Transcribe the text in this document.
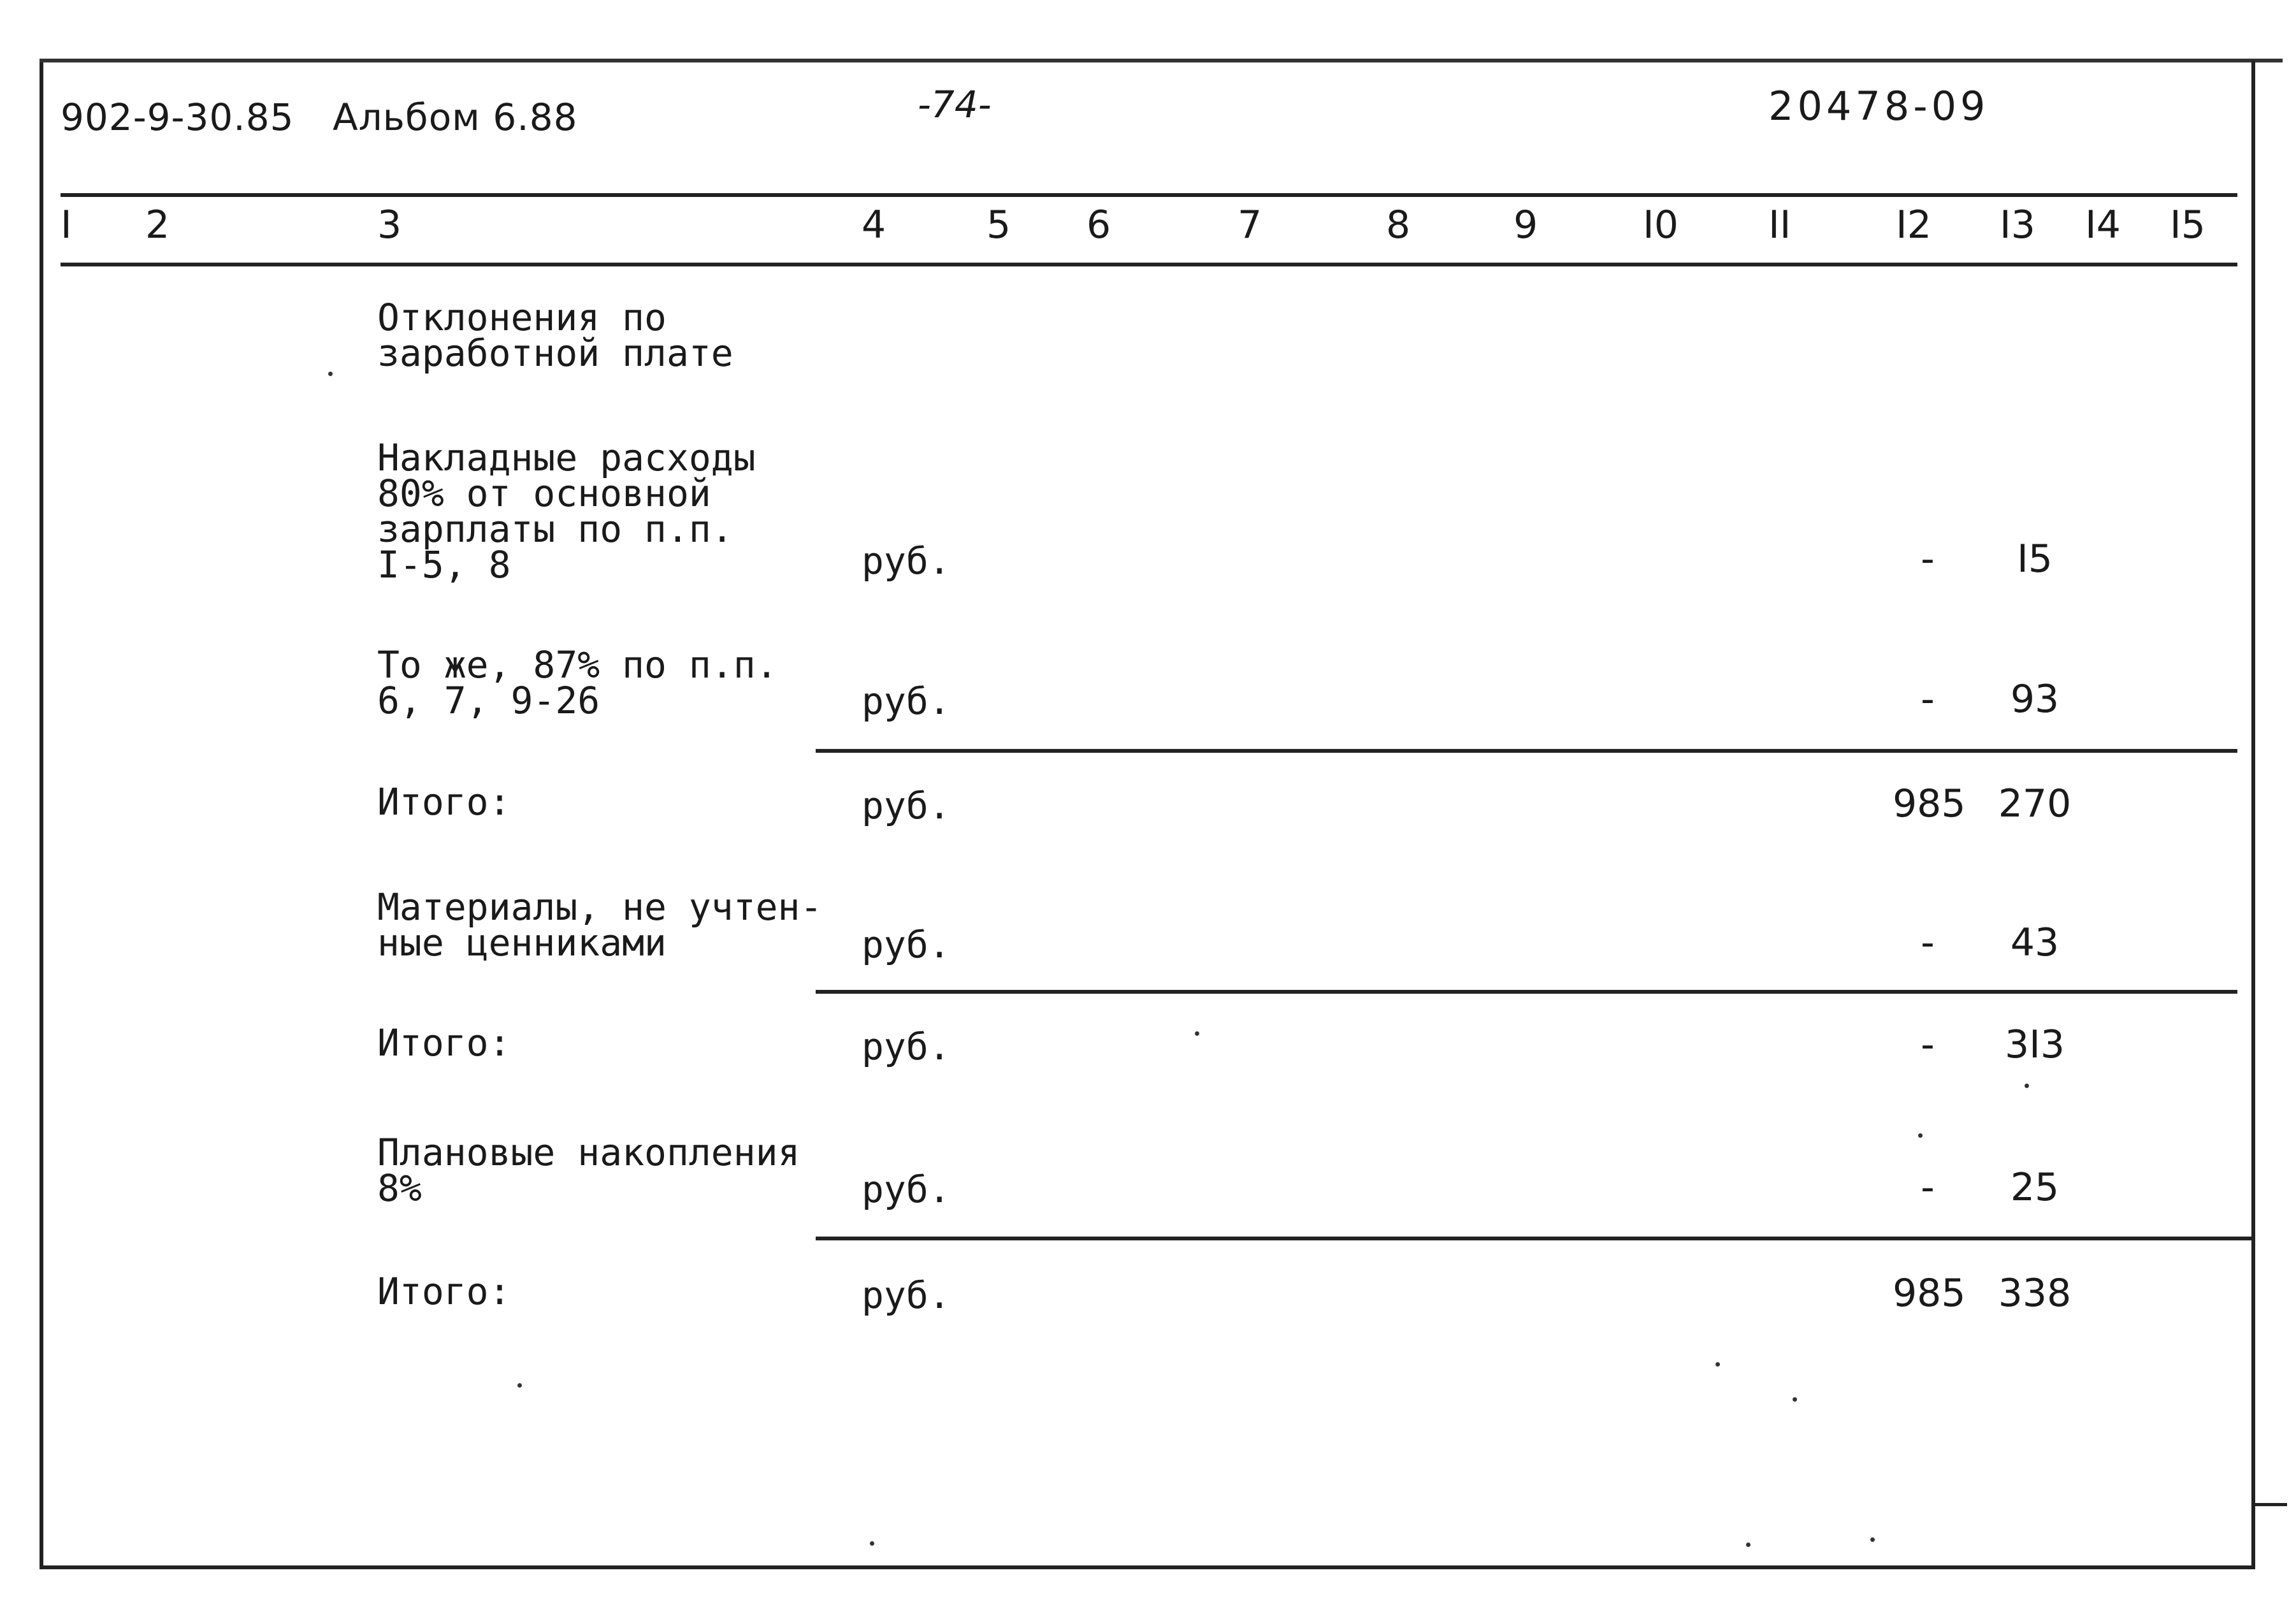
902-9-30.85 Альбом 6.88	-74-	20478-09
I 2	3	4	5 6	7	8	9	I0 II	I2 I3 I4 I5
Отклонения по
заработной плате
Накладные расходы
80% от основной
зарплаты по п.п.
I-5, 8	руб.	-	I5
То же, 87% по п.п.
6, 7, 9-26	руб.	-	93
Итого:	руб.	985 270
Материалы, не учтен-
ные ценниками	руб.	-	43
Итого:	руб.	-	3I3
Плановые накопления
8%	руб.	-	25
Итого:	руб.	985 338
